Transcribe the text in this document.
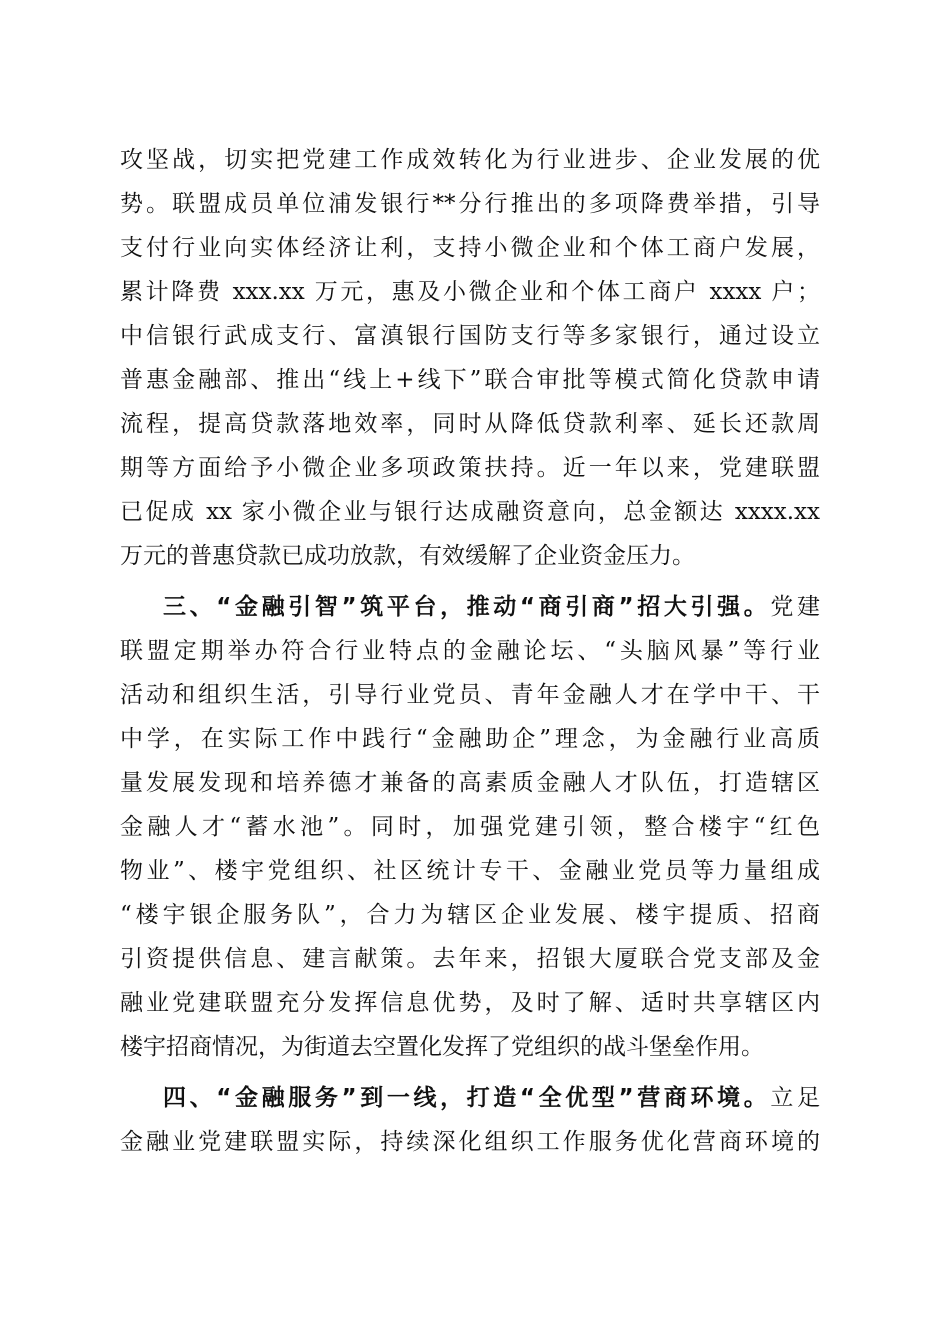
攻坚战，切实把党建工作成效转化为行业进步、企业发展的优
势。联盟成员单位浦发银行**分行推出的多项降费举措，引导
支付行业向实体经济让利，支持小微企业和个体工商户发展，
累计降费 xxx.xx 万元，惠及小微企业和个体工商户 xxxx 户；
中信银行武成支行、富滇银行国防支行等多家银行，通过设立
普惠金融部、推出“线上+线下”联合审批等模式简化贷款申请
流程，提高贷款落地效率，同时从降低贷款利率、延长还款周
期等方面给予小微企业多项政策扶持。近一年以来，党建联盟
已促成 xx 家小微企业与银行达成融资意向，总金额达 xxxx.xx
万元的普惠贷款已成功放款，有效缓解了企业资金压力。
三、“金融引智”筑平台，推动“商引商”招大引强。党建
联盟定期举办符合行业特点的金融论坛、“头脑风暴”等行业
活动和组织生活，引导行业党员、青年金融人才在学中干、干
中学，在实际工作中践行“金融助企”理念，为金融行业高质
量发展发现和培养德才兼备的高素质金融人才队伍，打造辖区
金融人才“蓄水池”。同时，加强党建引领，整合楼宇“红色
物业”、楼宇党组织、社区统计专干、金融业党员等力量组成
“楼宇银企服务队”，合力为辖区企业发展、楼宇提质、招商
引资提供信息、建言献策。去年来，招银大厦联合党支部及金
融业党建联盟充分发挥信息优势，及时了解、适时共享辖区内
楼宇招商情况，为街道去空置化发挥了党组织的战斗堡垒作用。
四、“金融服务”到一线，打造“全优型”营商环境。立足
金融业党建联盟实际，持续深化组织工作服务优化营商环境的
